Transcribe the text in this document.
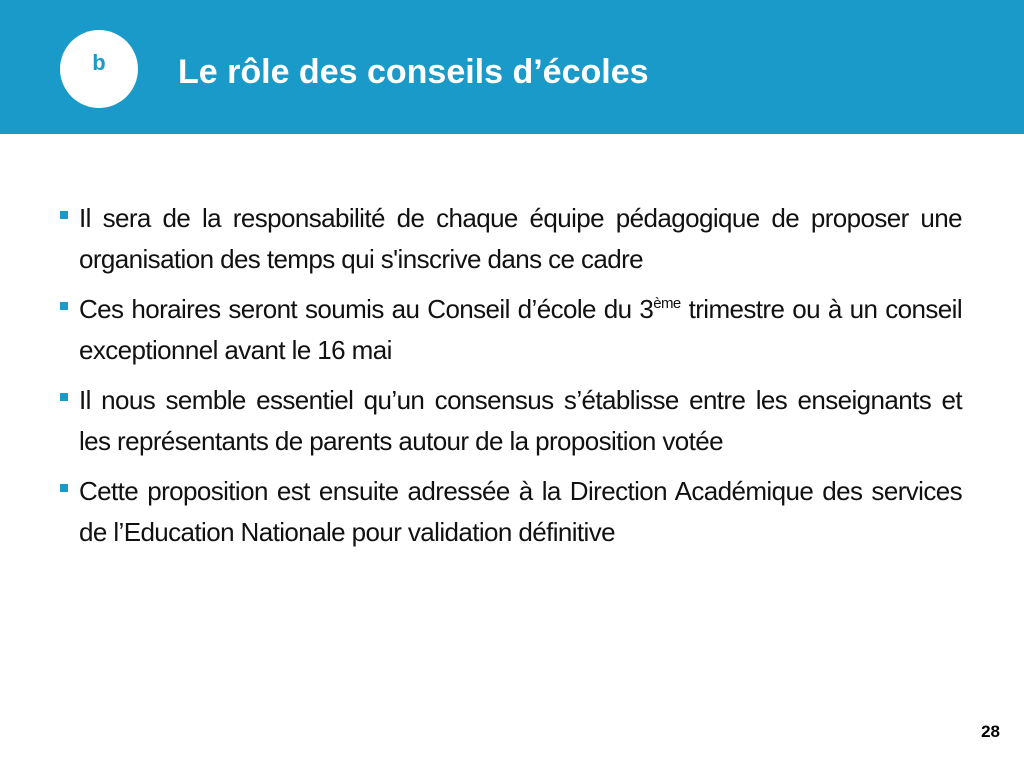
b Le rôle des conseils d’écoles
Il sera de la responsabilité de chaque équipe pédagogique de proposer une organisation des temps qui s'inscrive dans ce cadre
Ces horaires seront soumis au Conseil d’école du 3ème trimestre ou à un conseil exceptionnel avant le 16 mai
Il nous semble essentiel qu’un consensus s’établisse entre les enseignants et les représentants de parents autour de la proposition votée
Cette proposition est ensuite adressée à la Direction Académique des services de l’Education Nationale pour validation définitive
28
